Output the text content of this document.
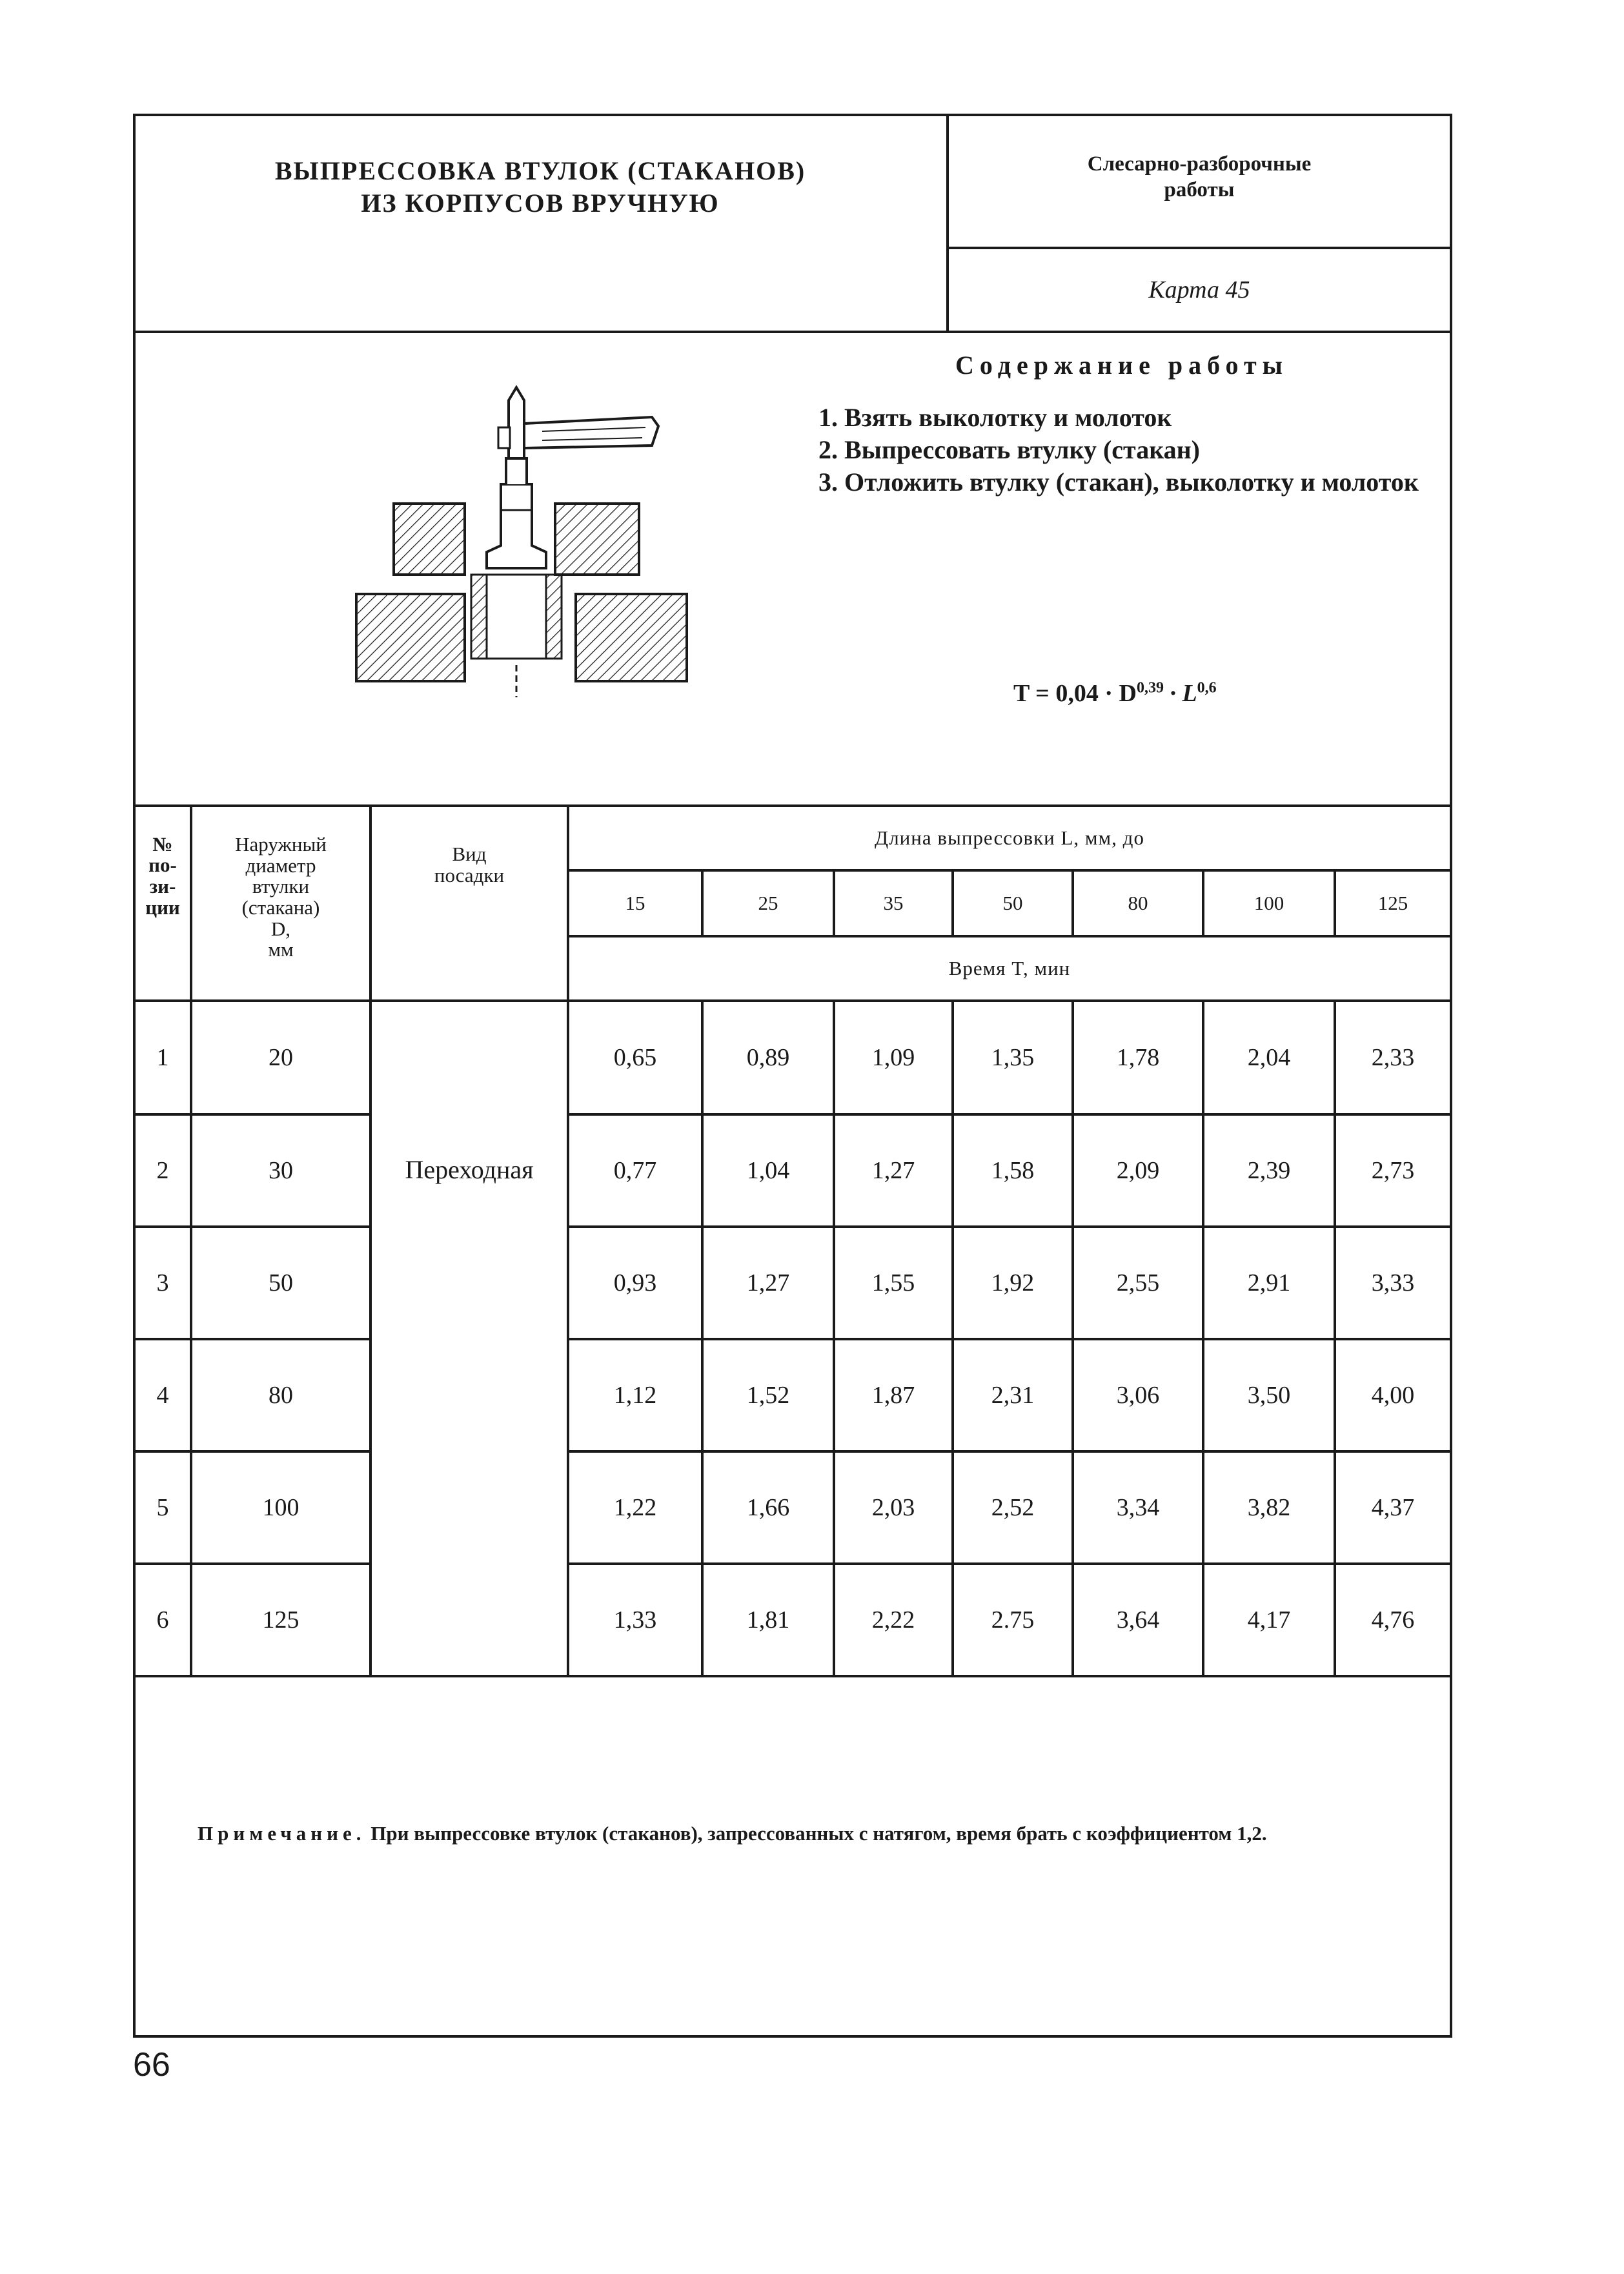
ВЫПРЕССОВКА ВТУЛОК (СТАКАНОВ)
ИЗ КОРПУСОВ ВРУЧНУЮ
Слесарно-разборочные
работы
Карта 45
Содержание работы
1. Взять выколотку и молоток
2. Выпрессовать втулку (стакан)
3. Отложить втулку (стакан), выколотку и молоток
T = 0,04 · D$^{0,39}$ · L$^{0,6}$
№
по-
зи-
ции
Наружный
диаметр
втулки
(стакана)
D,
мм
Вид
посадки
Длина выпрессовки L, мм, до
15	25	35	50	80	100	125
Время T, мин
Переходная
1	20	0,65	0,89	1,09	1,35	1,78	2,04	2,33
2	30	0,77	1,04	1,27	1,58	2,09	2,39	2,73
3	50	0,93	1,27	1,55	1,92	2,55	2,91	3,33
4	80	1,12	1,52	1,87	2,31	3,06	3,50	4,00
5	100	1,22	1,66	2,03	2,52	3,34	3,82	4,37
6	125	1,33	1,81	2,22	2.75	3,64	4,17	4,76
Примечание. При выпрессовке втулок (стаканов), запрессованных с натягом, время брать с коэффициентом 1,2.
66
